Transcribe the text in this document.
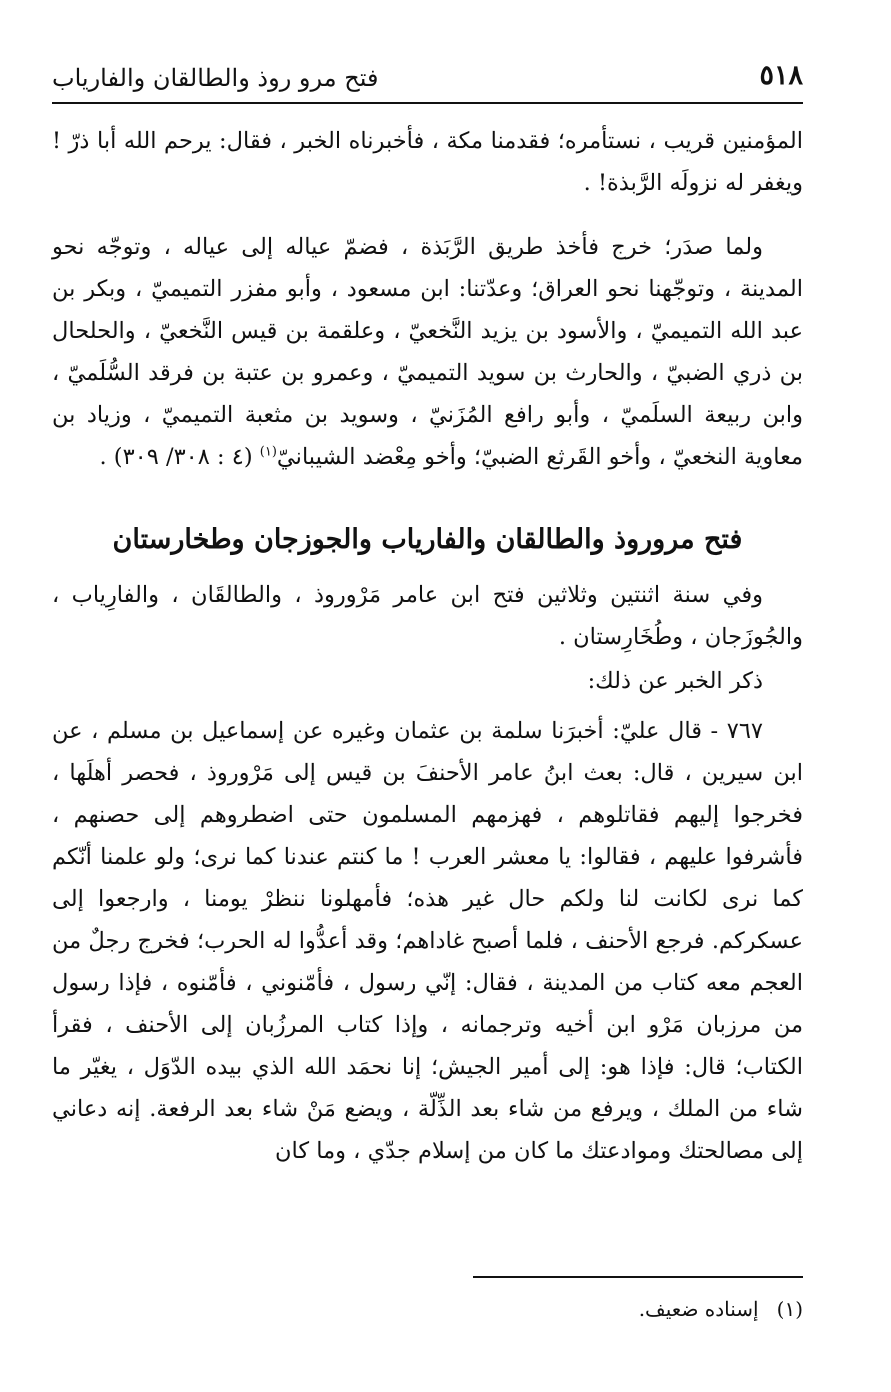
٥١٨
فتح مرو روذ والطالقان والفارياب

المؤمنين قريب ، نستأمره؛ فقدمنا مكة ، فأخبرناه الخبر ، فقال: يرحم الله أبا ذرّ ! ويغفر له نزولَه الرَّبذة! .

ولما صدَر؛ خرج فأخذ طريق الرَّبَذة ، فضمّ عياله إلى عياله ، وتوجّه نحو المدينة ، وتوجّهنا نحو العراق؛ وعدّتنا: ابن مسعود ، وأبو مفزر التميميّ ، وبكر بن عبد الله التميميّ ، والأسود بن يزيد النَّخعيّ ، وعلقمة بن قيس النَّخعيّ ، والحلحال بن ذري الضبيّ ، والحارث بن سويد التميميّ ، وعمرو بن عتبة بن فرقد السُّلَميّ ، وابن ربيعة السلَميّ ، وأبو رافع المُزَنيّ ، وسويد بن مثعبة التميميّ ، وزياد بن معاوية النخعيّ ، وأخو القَرثع الضبيّ؛ وأخو مِعْضد الشيبانيّ$^{(١)}$ (٤ : ٣٠٨/ ٣٠٩) .

فتح مروروذ والطالقان والفارياب والجوزجان وطخارستان

وفي سنة اثنتين وثلاثين فتح ابن عامر مَرْوروذ ، والطالقَان ، والفارِياب ، والجُوزَجان ، وطُخَارِستان .

ذكر الخبر عن ذلك:

٧٦٧ - قال عليّ: أخبرَنا سلمة بن عثمان وغيره عن إسماعيل بن مسلم ، عن ابن سيرين ، قال: بعث ابنُ عامر الأحنفَ بن قيس إلى مَرْوروذ ، فحصر أهلَها ، فخرجوا إليهم فقاتلوهم ، فهزمهم المسلمون حتى اضطروهم إلى حصنهم ، فأشرفوا عليهم ، فقالوا: يا معشر العرب ! ما كنتم عندنا كما نرى؛ ولو علمنا أنّكم كما نرى لكانت لنا ولكم حال غير هذه؛ فأمهلونا ننظرْ يومنا ، وارجعوا إلى عسكركم. فرجع الأحنف ، فلما أصبح غاداهم؛ وقد أعدُّوا له الحرب؛ فخرج رجلٌ من العجم معه كتاب من المدينة ، فقال: إنّي رسول ، فأمّنوني ، فأمّنوه ، فإذا رسول من مرزبان مَرْو ابن أخيه وترجمانه ، وإذا كتاب المرزُبان إلى الأحنف ، فقرأ الكتاب؛ قال: فإذا هو: إلى أمير الجيش؛ إنا نحمَد الله الذي بيده الدّوَل ، يغيّر ما شاء من الملك ، ويرفع من شاء بعد الذِّلّة ، ويضع مَنْ شاء بعد الرفعة. إنه دعاني إلى مصالحتك وموادعتك ما كان من إسلام جدّي ، وما كان

(١)إسناده ضعيف.
